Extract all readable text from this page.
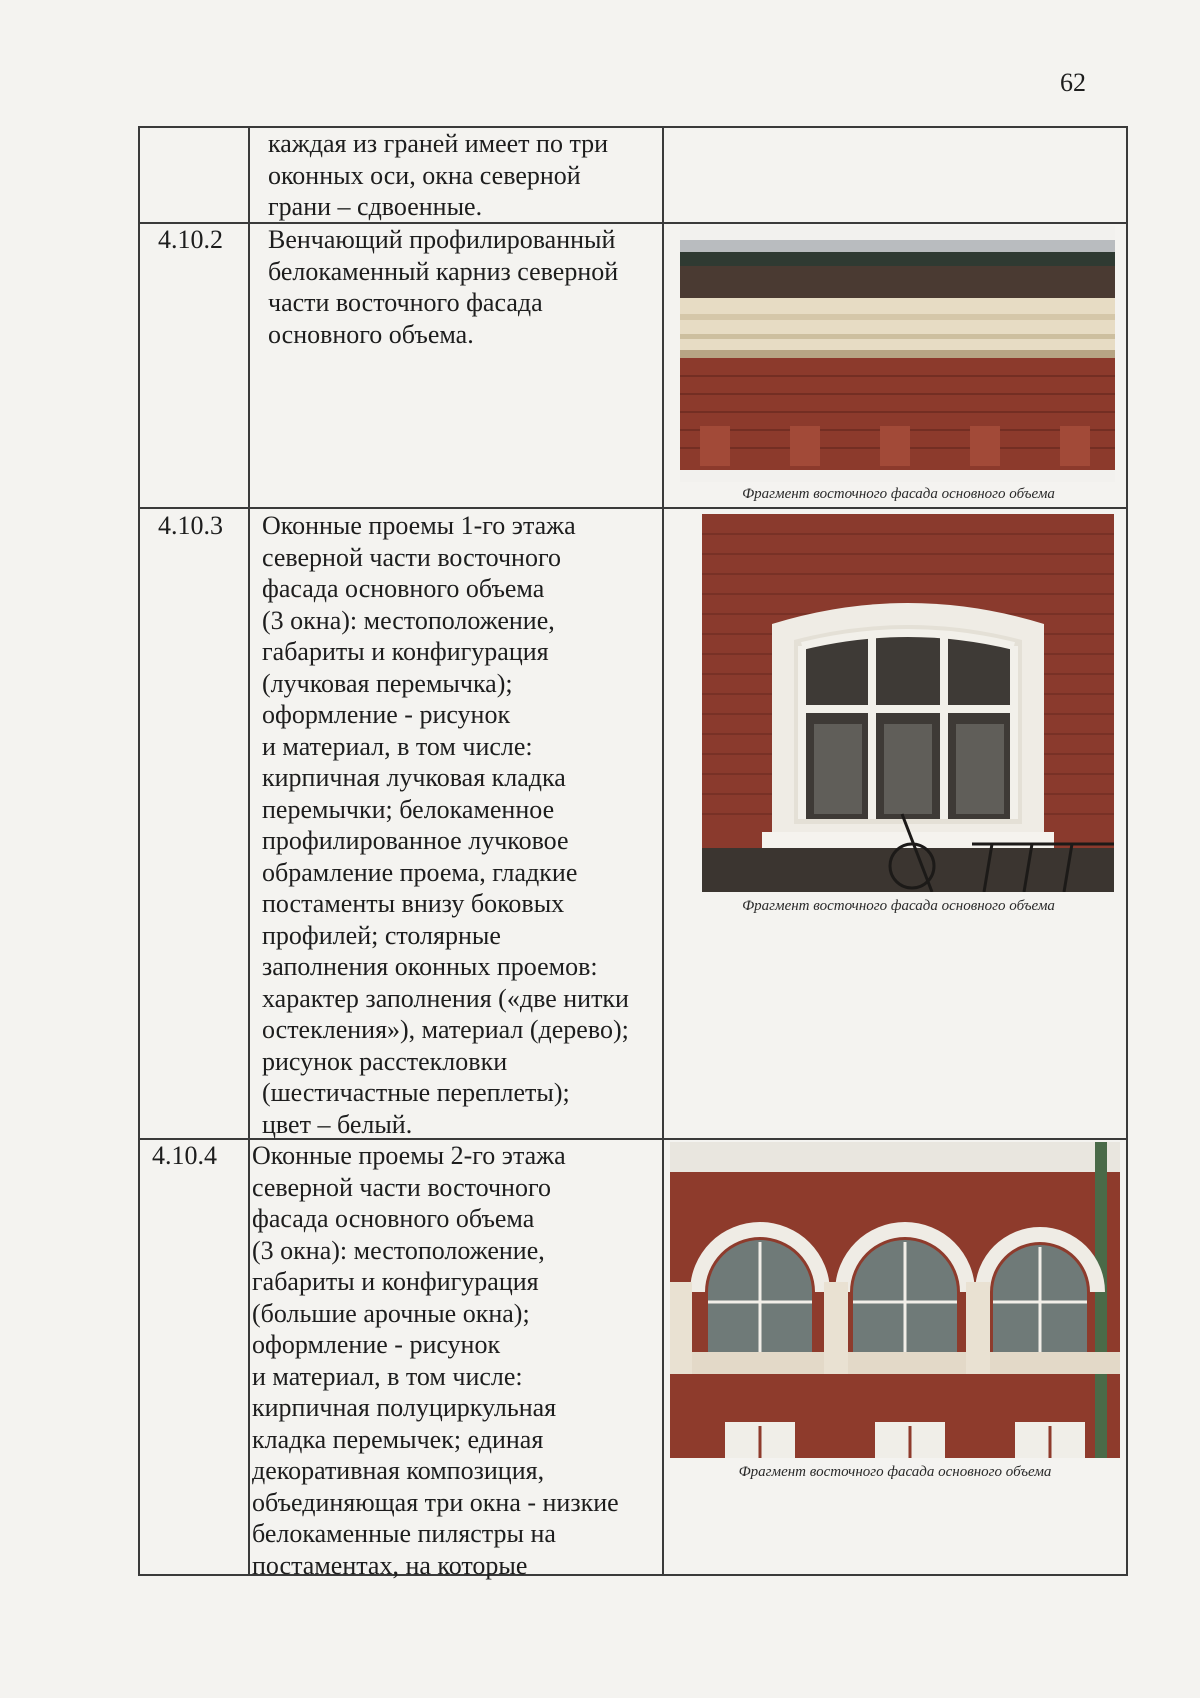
62
каждая из граней имеет по три
оконных оси, окна северной
грани – сдвоенные.
4.10.2 Венчающий профилированный
белокаменный карниз северной
части восточного фасада
основного объема.
Фрагмент восточного фасада основного объема
4.10.3 Оконные проемы 1-го этажа
северной части восточного
фасада основного объема
(3 окна): местоположение,
габариты и конфигурация
(лучковая перемычка);
оформление - рисунок
и материал, в том числе:
кирпичная лучковая кладка
перемычки; белокаменное
профилированное лучковое
обрамление проема, гладкие
постаменты внизу боковых
профилей; столярные
заполнения оконных проемов:
характер заполнения («две нитки
остекления»), материал (дерево);
рисунок расстекловки
(шестичастные переплеты);
цвет – белый.
Фрагмент восточного фасада основного объема
4.10.4 Оконные проемы 2-го этажа
северной части восточного
фасада основного объема
(3 окна): местоположение,
габариты и конфигурация
(большие арочные окна);
оформление - рисунок
и материал, в том числе:
кирпичная полуциркульная
кладка перемычек; единая
декоративная композиция,
объединяющая три окна - низкие
белокаменные пилястры на
постаментах, на которые
Фрагмент восточного фасада основного объема
